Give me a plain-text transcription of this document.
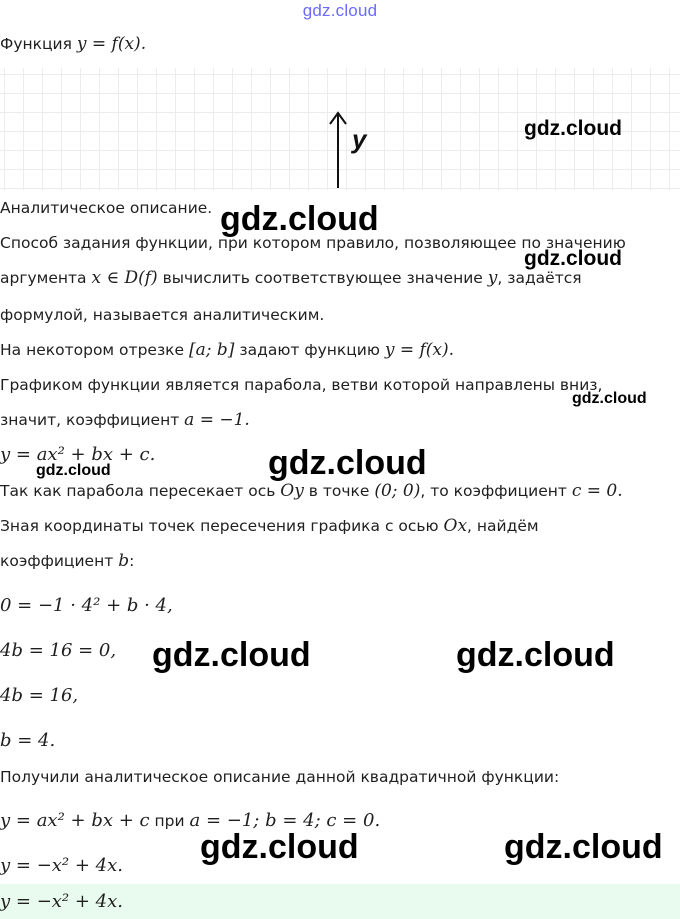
gdz.cloud
Функция y = f(x).
y
Аналитическое описание.
Способ задания функции, при котором правило, позволяющее по значению
аргумента x ∈ D(f) вычислить соответствующее значение y, задаётся
формулой, называется аналитическим.
На некотором отрезке [a; b] задают функцию y = f(x).
Графиком функции является парабола, ветви которой направлены вниз,
значит, коэффициент a = −1.
y = ax² + bx + c.
Так как парабола пересекает ось Oy в точке (0; 0), то коэффициент c = 0.
Зная координаты точек пересечения графика с осью Ox, найдём
коэффициент b:
0 = −1 · 4² + b · 4,
4b = 16 = 0,
4b = 16,
b = 4.
Получили аналитическое описание данной квадратичной функции:
y = ax² + bx + c при a = −1; b = 4; c = 0.
y = −x² + 4x.
y = −x² + 4x.
gdz.cloud
gdz.cloud
gdz.cloud
gdz.cloud
gdz.cloud
gdz.cloud
gdz.cloud	gdz.cloud
gdz.cloud	gdz.cloud
